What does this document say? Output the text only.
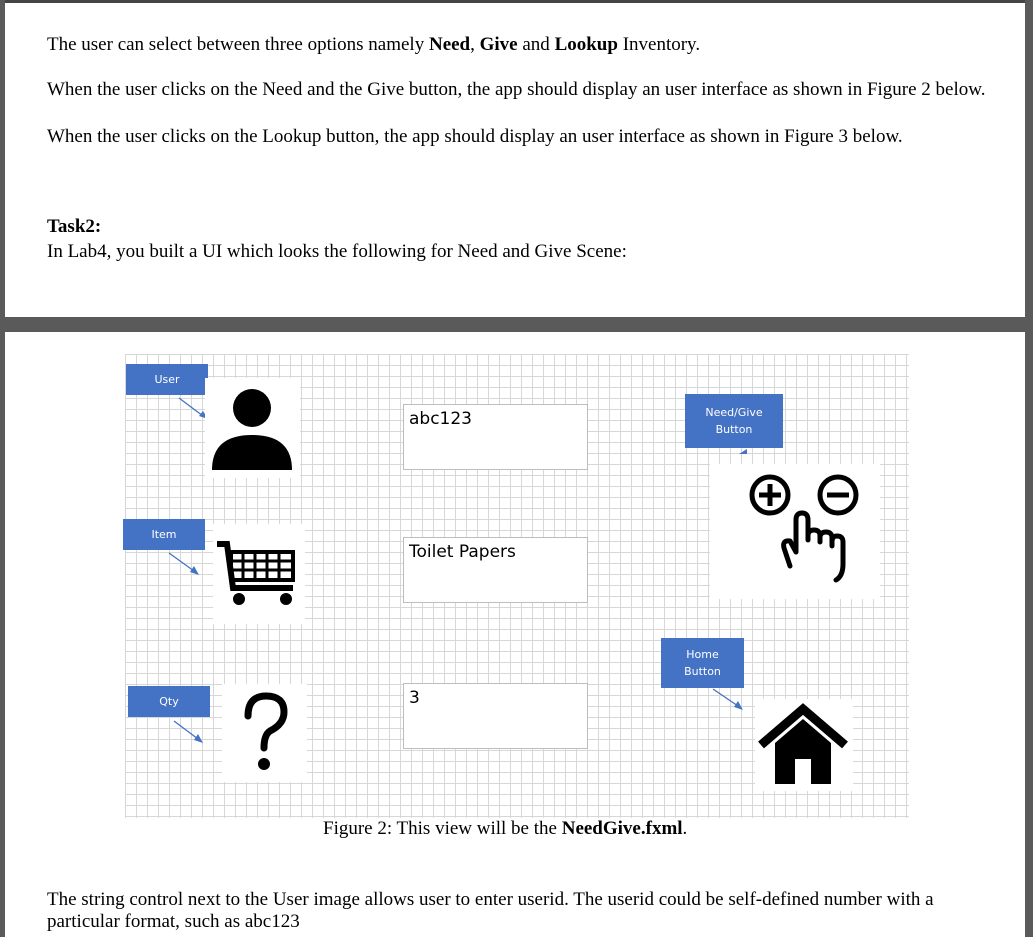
The user can select between three options namely Need, Give and Lookup Inventory.

When the user clicks on the Need and the Give button, the app should display an user interface as shown in Figure 2 below.

When the user clicks on the Lookup button, the app should display an user interface as shown in Figure 3 below.

Task2:

In Lab4, you built a UI which looks the following for Need and Give Scene:

User
Item
Qty
Need/Give
Button
Home
Button
abc123
Toilet Papers
3
Figure 2: This view will be the NeedGive.fxml.

The string control next to the User image allows user to enter userid. The userid could be self-defined number with a particular format, such as abc123
